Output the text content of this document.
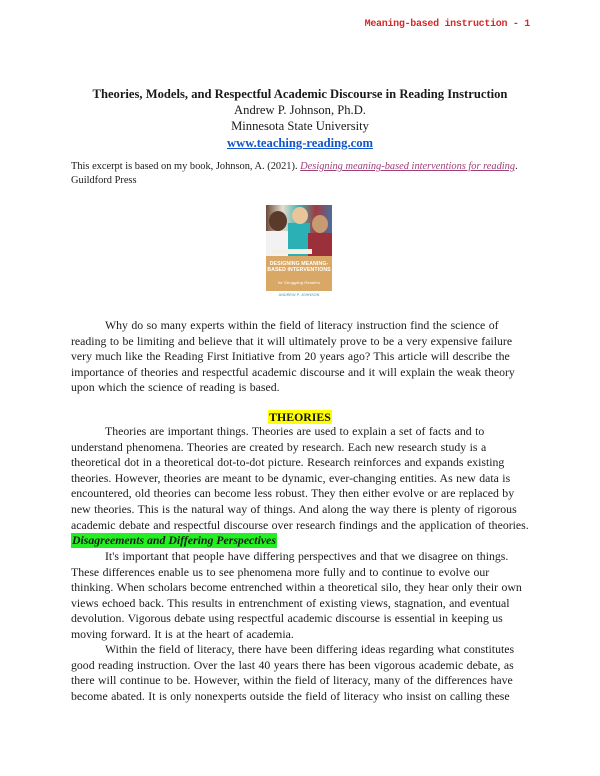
Meaning-based instruction - 1
Theories, Models, and Respectful Academic Discourse in Reading Instruction
Andrew P. Johnson, Ph.D.
Minnesota State University
www.teaching-reading.com
This excerpt is based on my book, Johnson, A. (2021). Designing meaning-based interventions for reading. Guildford Press
DESIGNING MEANING-BASED INTERVENTIONS
for Struggling Readers
ANDREW P. JOHNSON

Why do so many experts within the field of literacy instruction find the science of reading to be limiting and believe that it will ultimately prove to be a very expensive failure very much like the Reading First Initiative from 20 years ago? This article will describe the importance of theories and respectful academic discourse and it will explain the weak theory upon which the science of reading is based.

THEORIES

Theories are important things. Theories are used to explain a set of facts and to understand phenomena. Theories are created by research. Each new research study is a theoretical dot in a theoretical dot-to-dot picture. Research reinforces and expands existing theories. However, theories are meant to be dynamic, ever-changing entities. As new data is encountered, old theories can become less robust. They then either evolve or are replaced by new theories. This is the natural way of things. And along the way there is plenty of rigorous academic debate and respectful discourse over research findings and the application of theories.

Disagreements and Differing Perspectives

It's important that people have differing perspectives and that we disagree on things. These differences enable us to see phenomena more fully and to continue to evolve our thinking. When scholars become entrenched within a theoretical silo, they hear only their own views echoed back. This results in entrenchment of existing views, stagnation, and eventual devolution. Vigorous debate using respectful academic discourse is essential in keeping us moving forward. It is at the heart of academia.

Within the field of literacy, there have been differing ideas regarding what constitutes good reading instruction. Over the last 40 years there has been vigorous academic debate, as there will continue to be. However, within the field of literacy, many of the differences have become abated. It is only nonexperts outside the field of literacy who insist on calling these
